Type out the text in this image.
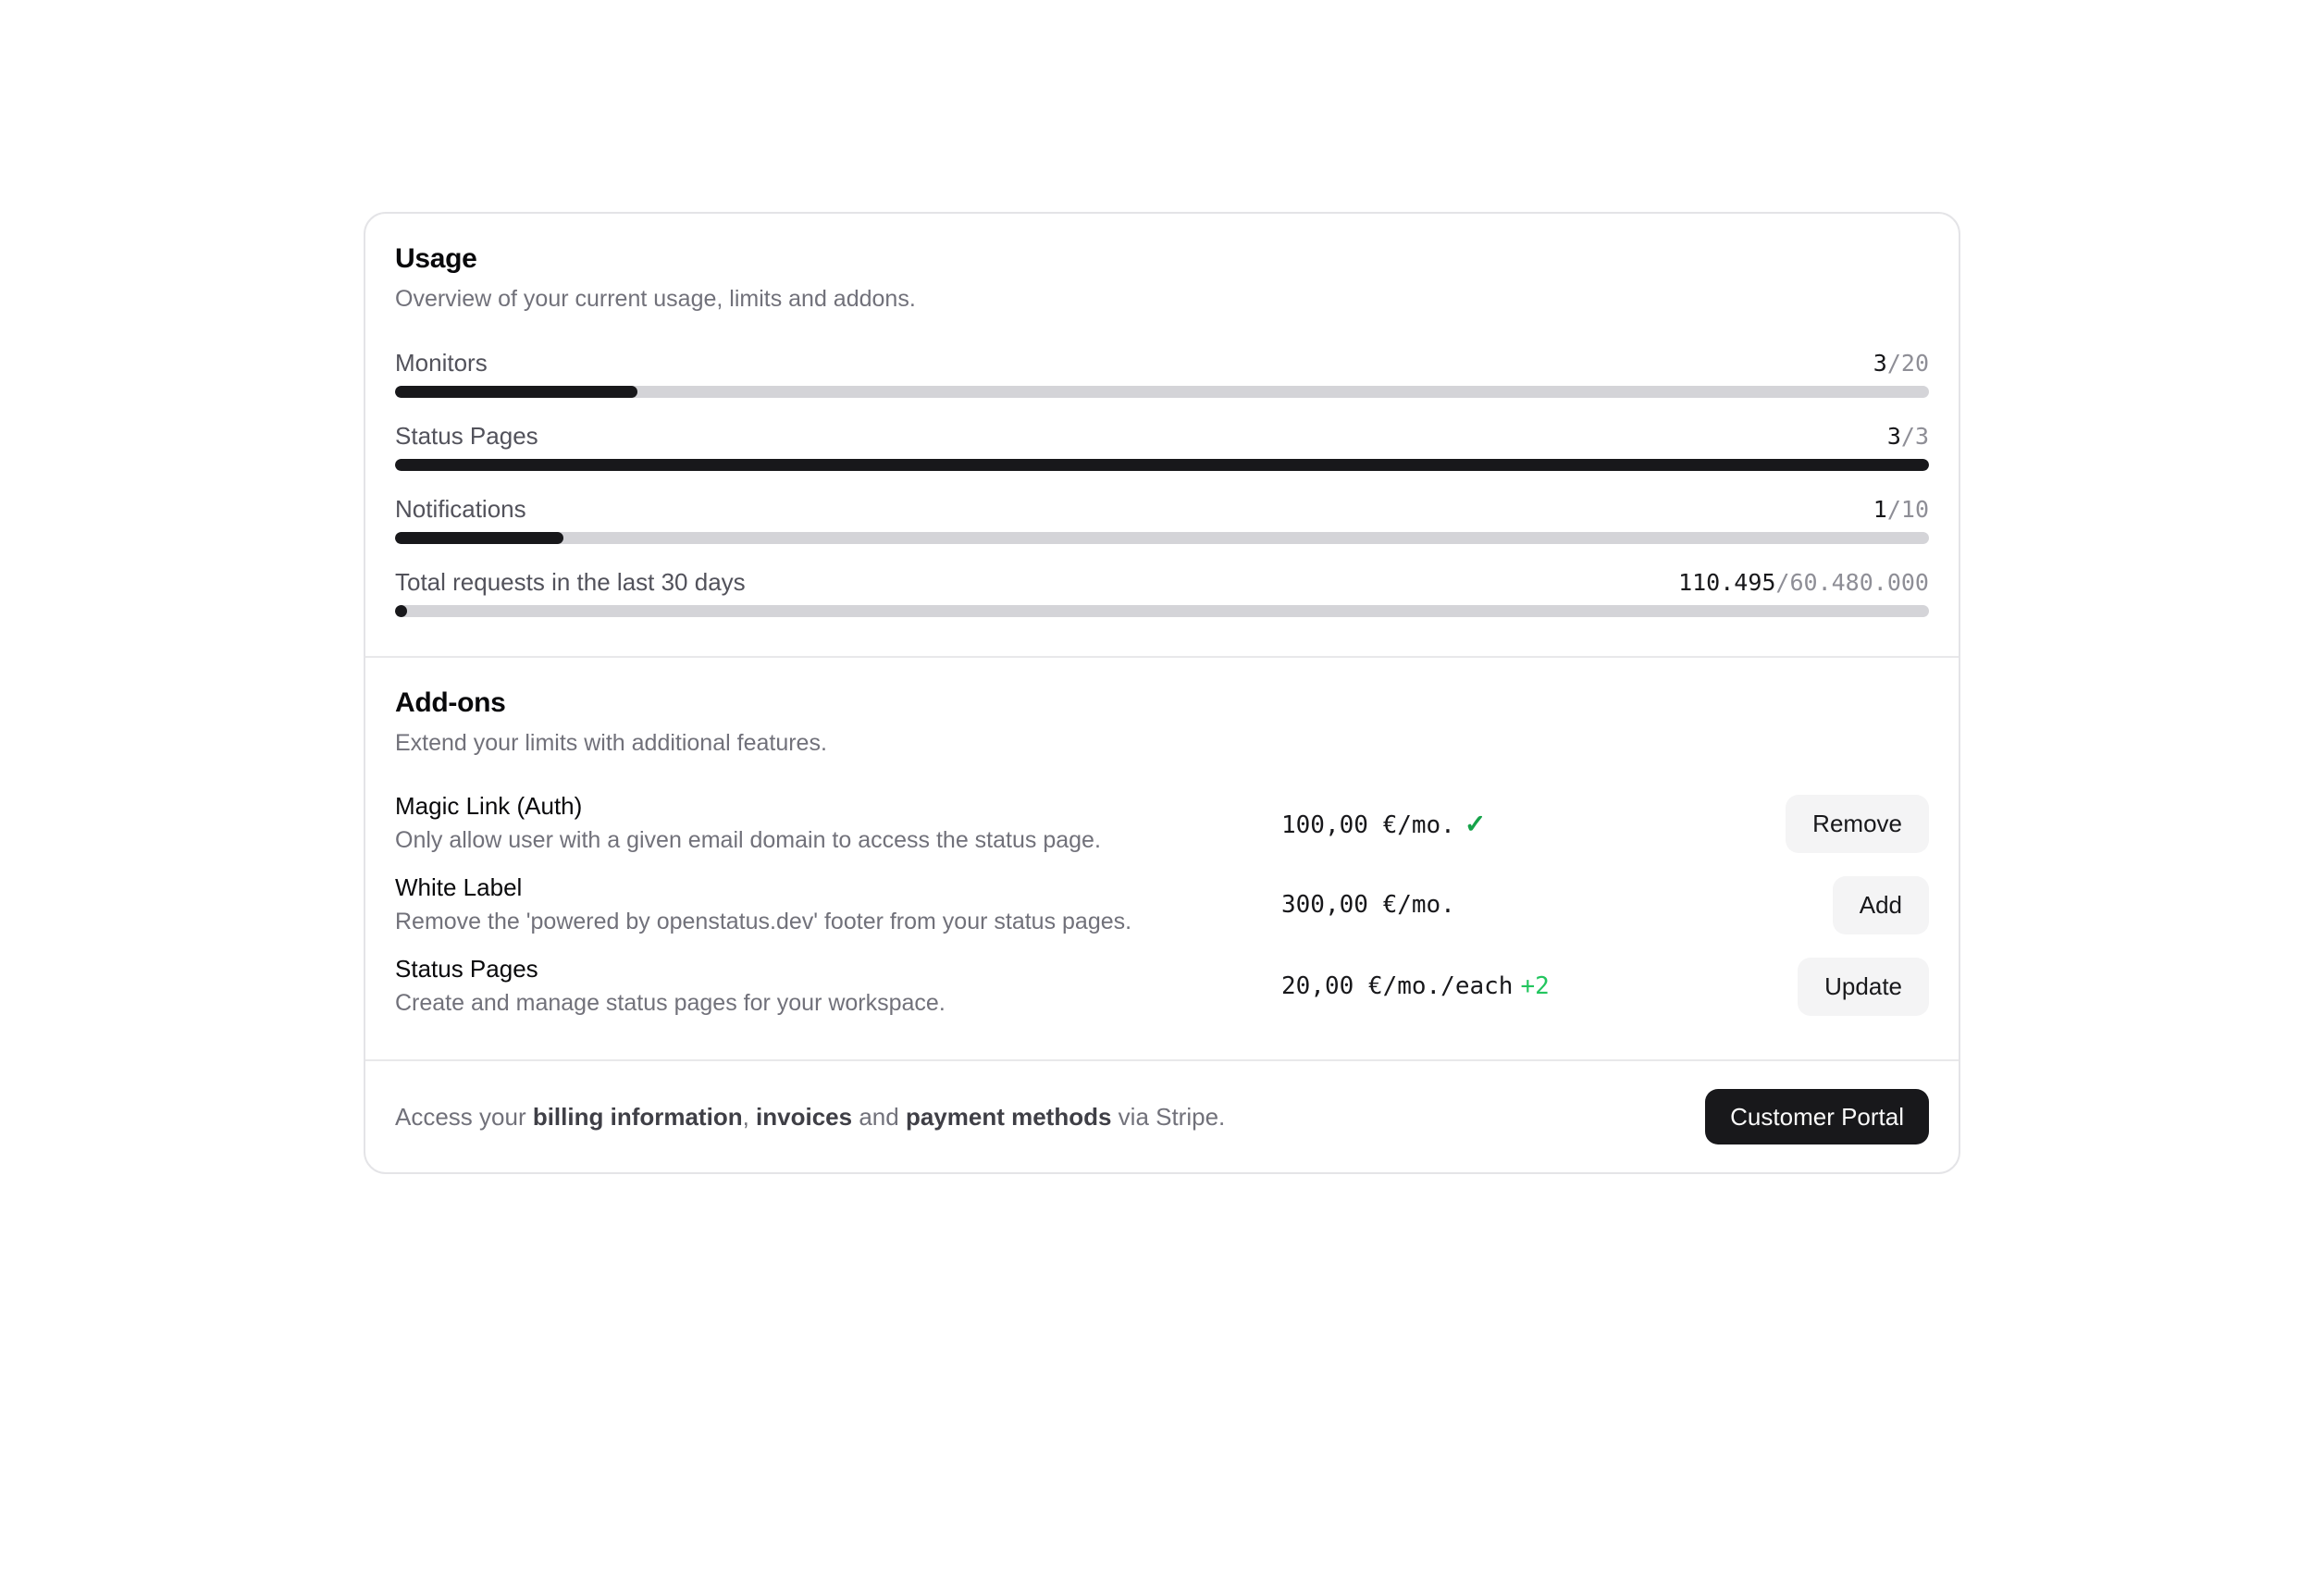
Usage
Overview of your current usage, limits and addons.
Monitors	3/20
Status Pages	3/3
Notifications	1/10
Total requests in the last 30 days	110.495/60.480.000
Add-ons
Extend your limits with additional features.
Magic Link (Auth)
Only allow user with a given email domain to access the status page.
100,00 €/mo. ✓	Remove
White Label
Remove the 'powered by openstatus.dev' footer from your status pages.
300,00 €/mo.	Add
Status Pages
Create and manage status pages for your workspace.
20,00 €/mo./each +2	Update
Access your billing information, invoices and payment methods via Stripe.	Customer Portal
